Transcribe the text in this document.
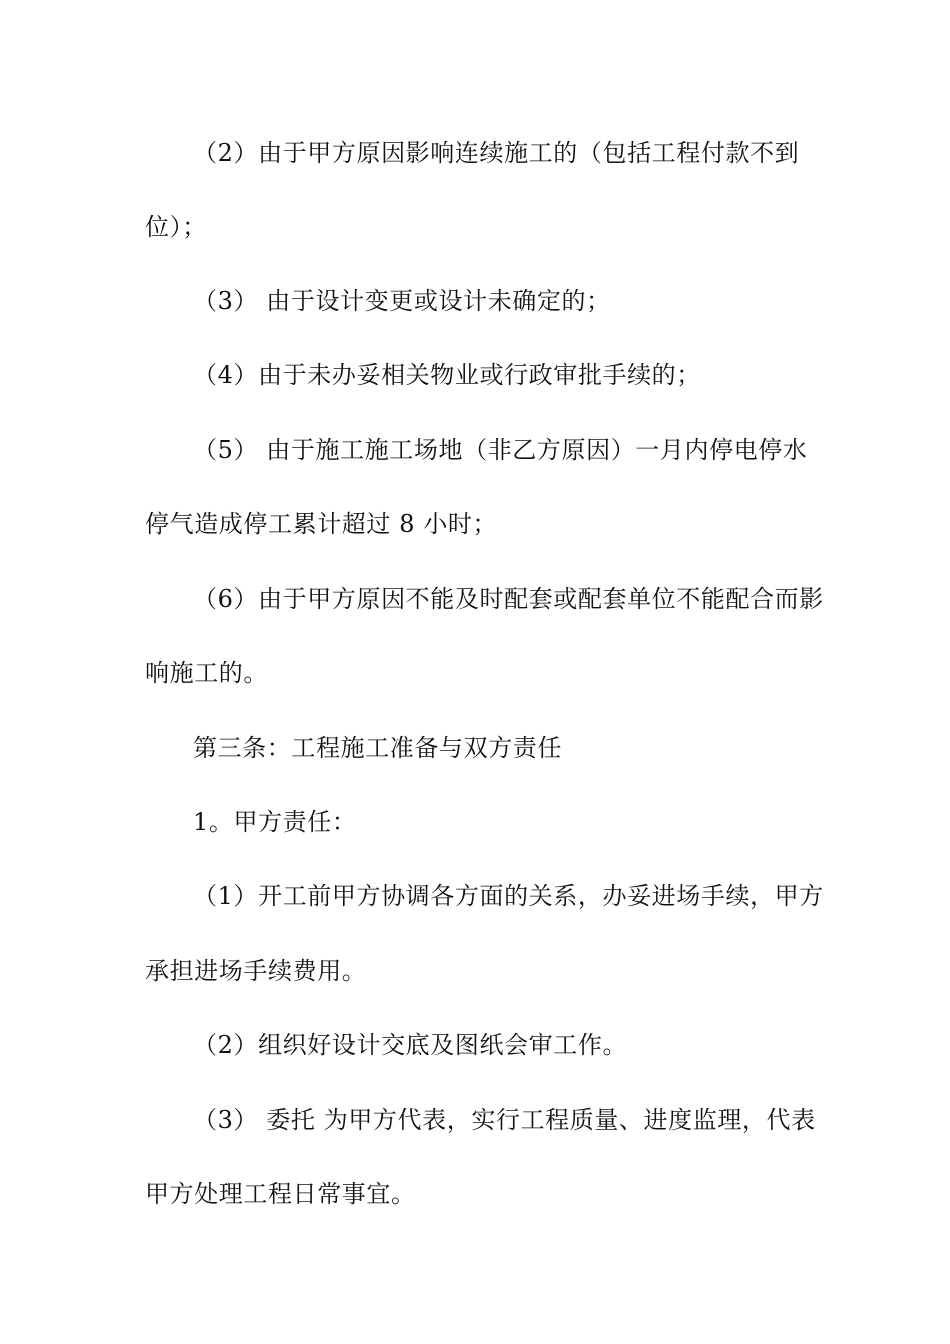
（2）由于甲方原因影响连续施工的（包括工程付款不到
位）；
（3） 由于设计变更或设计未确定的；
（4）由于未办妥相关物业或行政审批手续的；
（5） 由于施工施工场地（非乙方原因）一月内停电停水
停气造成停工累计超过 8 小时；
（6）由于甲方原因不能及时配套或配套单位不能配合而影
响施工的。
第三条：工程施工准备与双方责任
1。甲方责任：
（1）开工前甲方协调各方面的关系，办妥进场手续，甲方
承担进场手续费用。
（2）组织好设计交底及图纸会审工作。
（3） 委托 为甲方代表，实行工程质量、进度监理，代表
甲方处理工程日常事宜。
